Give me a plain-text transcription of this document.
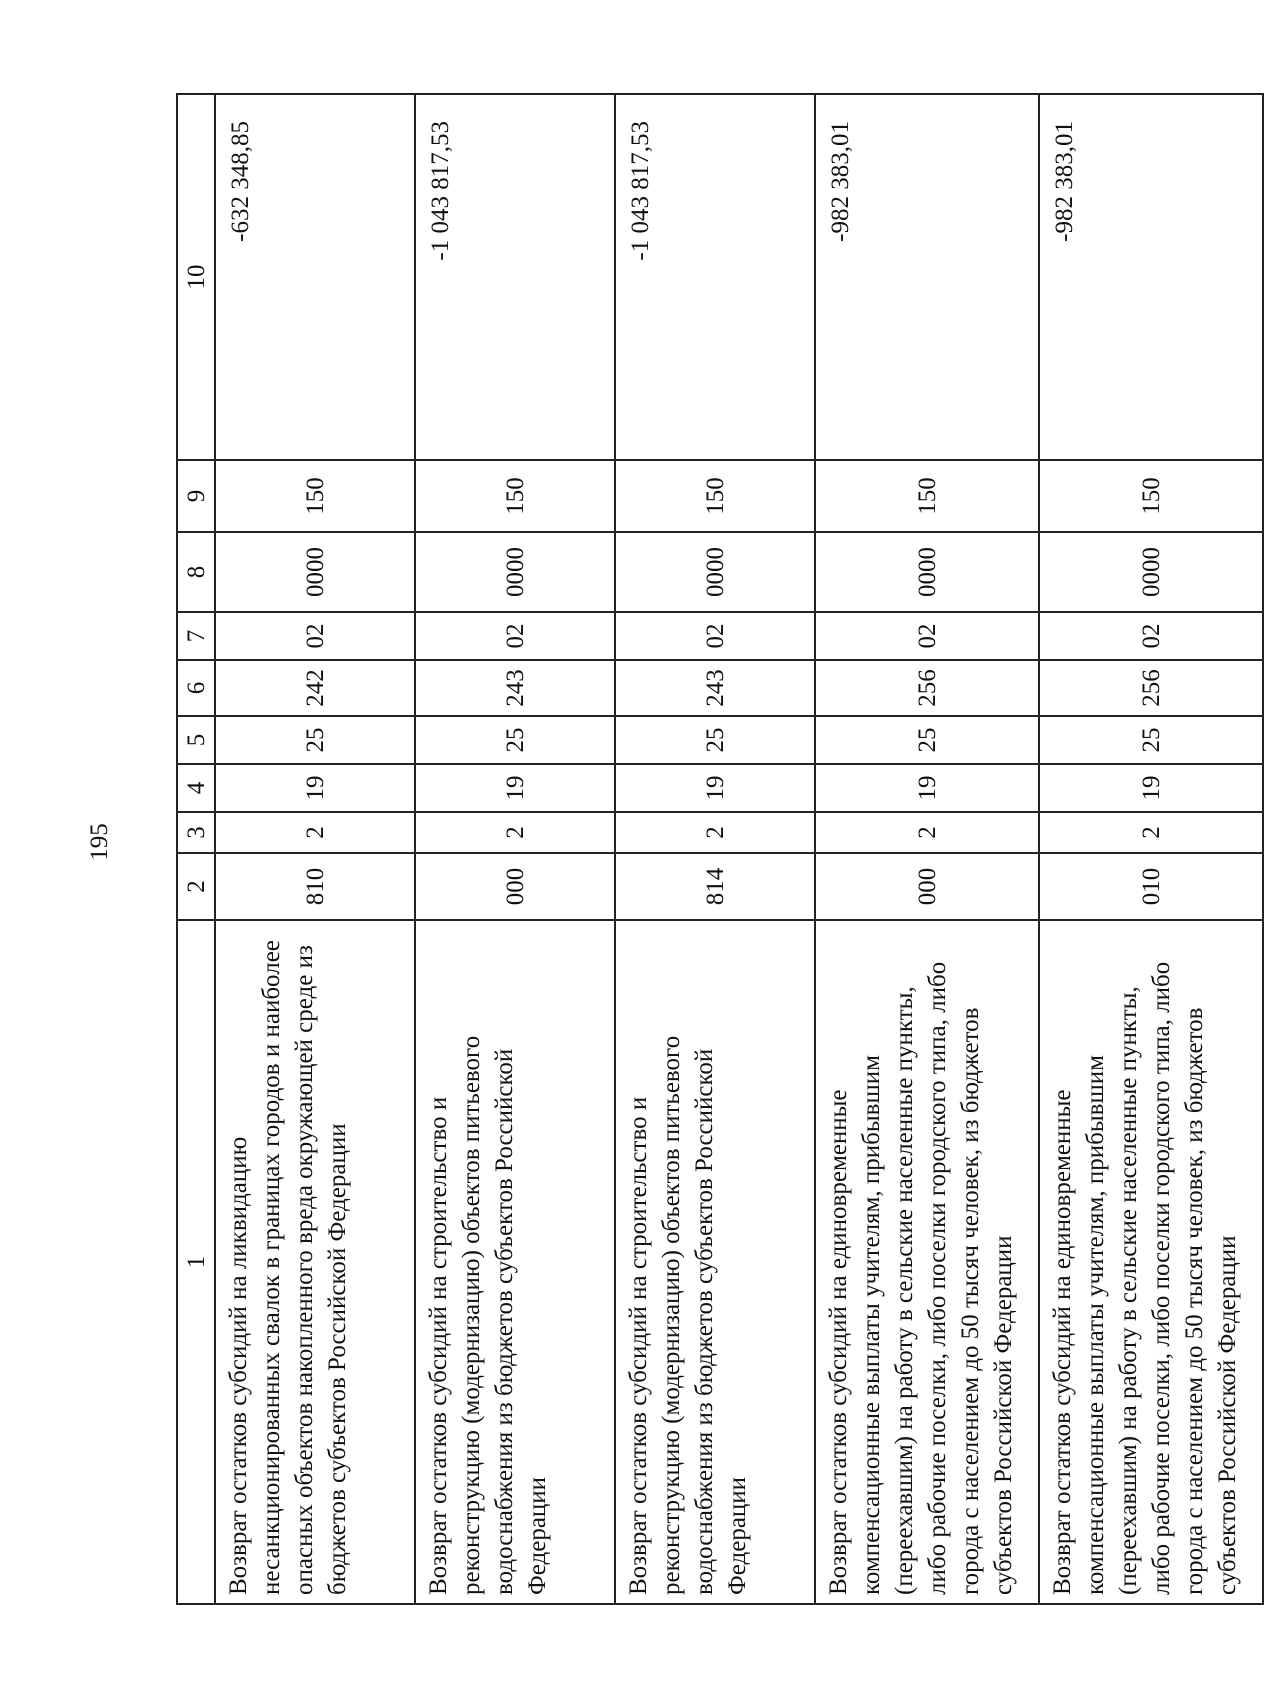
195
1	2	3	4	5	6	7	8	9	10
Возврат остатков субсидий на ликвидацию несанкционированных свалок в границах городов и наиболее опасных объектов накопленного вреда окружающей среде из бюджетов субъектов Российской Федерации	810	2	19	25	242	02	0000	150	-632 348,85
Возврат остатков субсидий на строительство и реконструкцию (модернизацию) объектов питьевого водоснабжения из бюджетов субъектов Российской Федерации	000	2	19	25	243	02	0000	150	-1 043 817,53
Возврат остатков субсидий на строительство и реконструкцию (модернизацию) объектов питьевого водоснабжения из бюджетов субъектов Российской Федерации	814	2	19	25	243	02	0000	150	-1 043 817,53
Возврат остатков субсидий на единовременные компенсационные выплаты учителям, прибывшим (переехавшим) на работу в сельские населенные пункты, либо рабочие поселки, либо поселки городского типа, либо города с населением до 50 тысяч человек, из бюджетов субъектов Российской Федерации	000	2	19	25	256	02	0000	150	-982 383,01
Возврат остатков субсидий на единовременные компенсационные выплаты учителям, прибывшим (переехавшим) на работу в сельские населенные пункты, либо рабочие поселки, либо поселки городского типа, либо города с населением до 50 тысяч человек, из бюджетов субъектов Российской Федерации	010	2	19	25	256	02	0000	150	-982 383,01
